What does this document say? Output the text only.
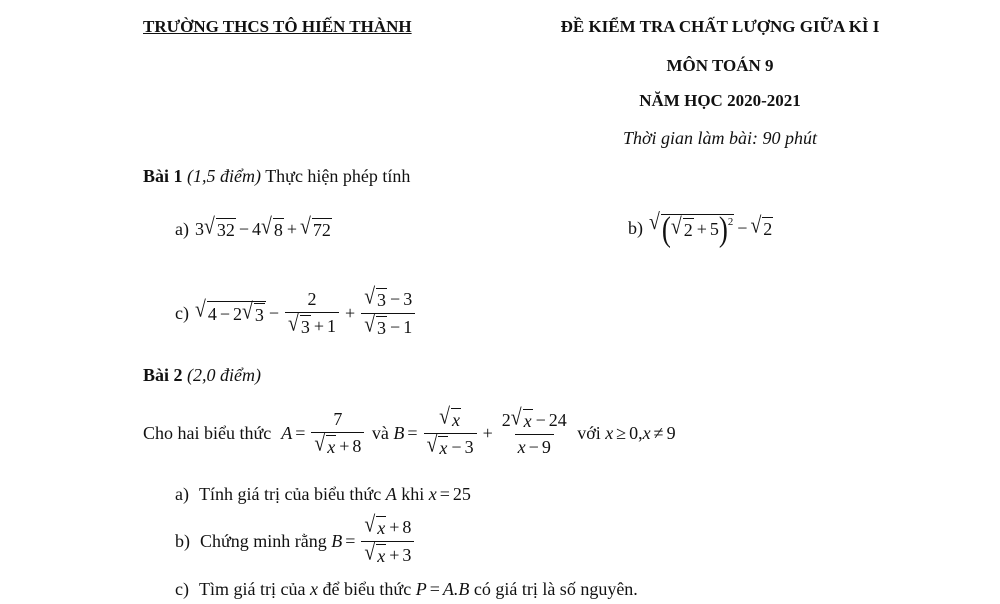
TRƯỜNG THCS TÔ HIẾN THÀNH	ĐỀ KIỂM TRA CHẤT LƯỢNG GIỮA KÌ I
MÔN TOÁN 9
NĂM HỌC 2020-2021
Thời gian làm bài: 90 phút
Bài 1 (1,5 điểm) Thực hiện phép tính
a) 3 √ 32 − 4 √ 8 + √ 72	b) √ ( √ 2 + 5 ) 2 − √ 2
c) √ 4 − 2 √ $3 - \frac{2}{√ 3 + 1} + \frac{√ 3 - 3}{√ 3 - 1}$
Bài 2 (2,0 điểm)
Cho hai biểu thức $A = \frac{7}{√ x + 8}$ và $B = \frac{√ x}{√ x - 3} + \frac{2 √ x - 24}{x - 9}$ với x ≥ 0, x ≠ 9
a) Tính giá trị của biểu thức
A khi x = 25
b) Chứng minh rằng
$B = \frac{√ x + 8}{√ x + 3}$
c) Tìm giá trị của
x để biểu thức P = A.B có giá trị là số nguyên.
